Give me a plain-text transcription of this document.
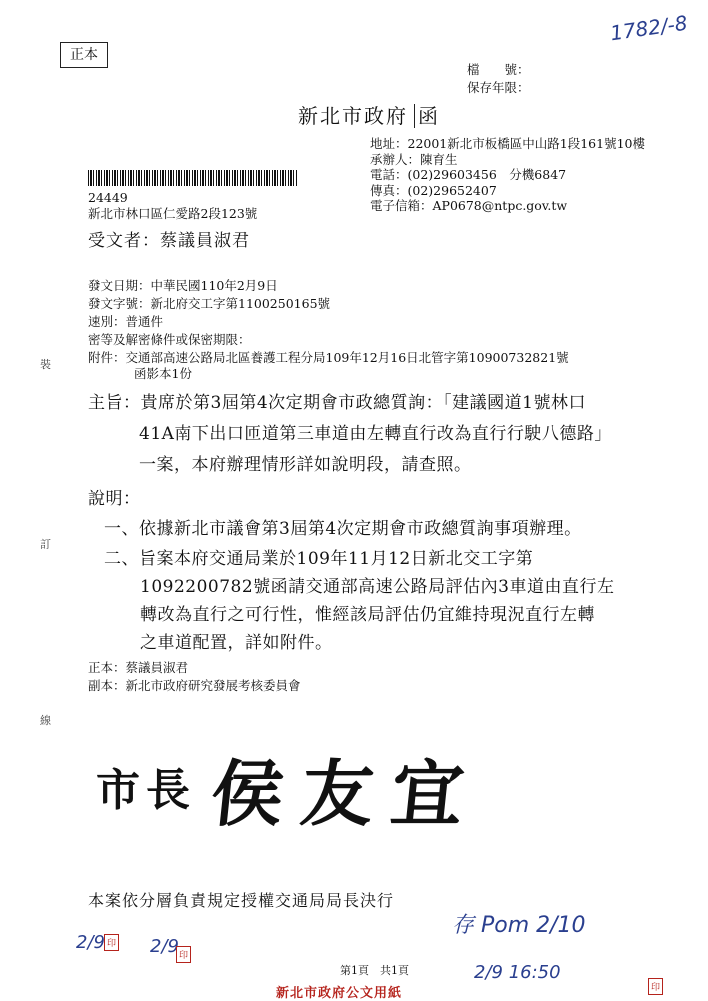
正本
1782/-8
檔　　號：
保存年限：
新北市政府 函
地址：22001新北市板橋區中山路1段161號10樓
承辦人：陳育生
電話：(02)29603456　分機6847
傳真：(02)29652407
電子信箱：AP0678@ntpc.gov.tw
24449
新北市林口區仁愛路2段123號
受文者：蔡議員淑君
發文日期：中華民國110年2月9日
發文字號：新北府交工字第1100250165號
速別：普通件
密等及解密條件或保密期限：
附件：交通部高速公路局北區養護工程分局109年12月16日北管字第10900732821號
函影本1份
裝
訂
線
主旨：貴席於第3屆第4次定期會市政總質詢：「建議國道1號林口
41A南下出口匝道第三車道由左轉直行改為直行行駛八德路」
一案，本府辦理情形詳如說明段，請查照。
說明：
一、依據新北市議會第3屆第4次定期會市政總質詢事項辦理。
二、旨案本府交通局業於109年11月12日新北交工字第
1092200782號函請交通部高速公路局評估內3車道由直行左
轉改為直行之可行性，惟經該局評估仍宜維持現況直行左轉
之車道配置，詳如附件。
正本：蔡議員淑君
副本：新北市政府研究發展考核委員會
市長 侯友宜
本案依分層負責規定授權交通局局長決行
2/9 印 2/9 印
存 Pom 2/10
2/9 16:50
印
第1頁　共1頁
新北市政府公文用紙
